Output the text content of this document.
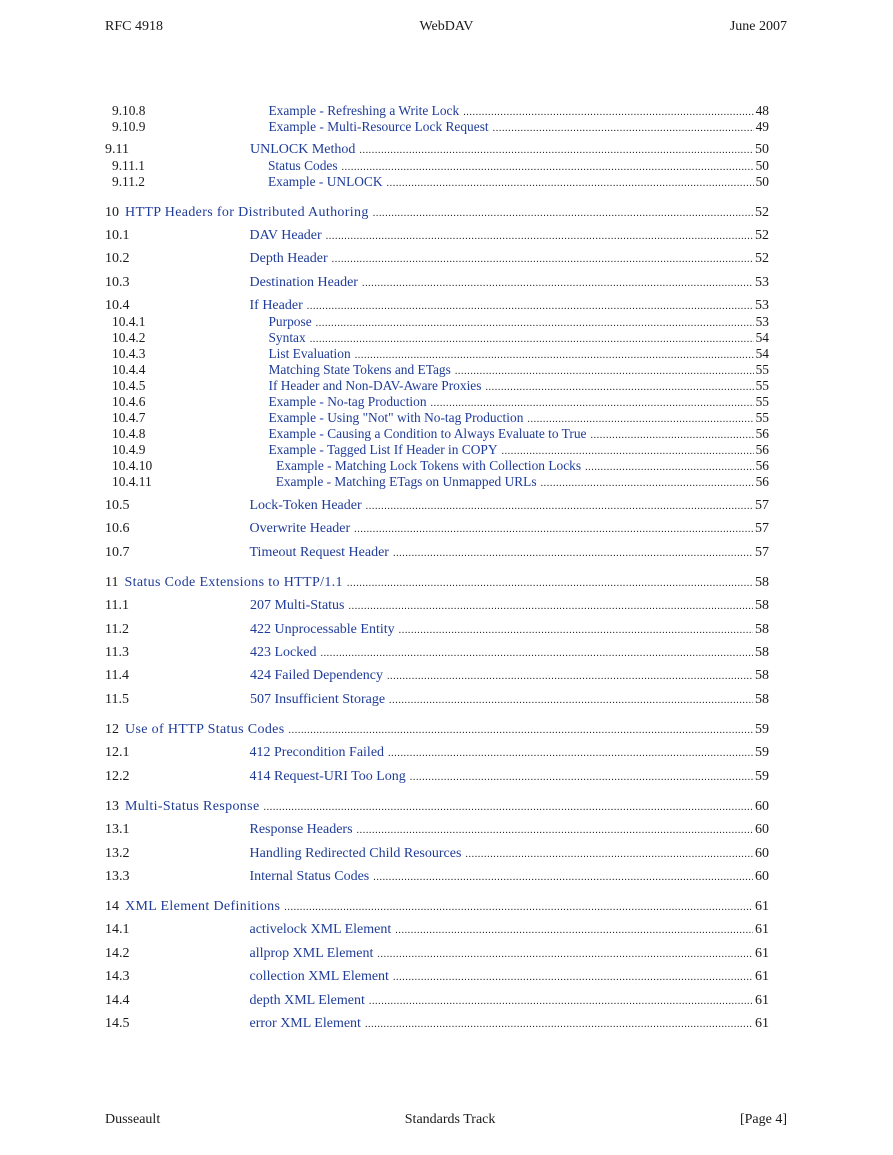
RFC 4918	WebDAV	June 2007
9.10.8	Example - Refreshing a Write Lock .....	48
9.10.9	Example - Multi-Resource Lock Request .....	49
9.11	UNLOCK Method .....	50
9.11.1	Status Codes .....	50
9.11.2	Example - UNLOCK .....	50
10 HTTP Headers for Distributed Authoring .....	52
10.1	DAV Header .....	52
10.2	Depth Header .....	52
10.3	Destination Header .....	53
10.4	If Header .....	53
10.4.1	Purpose .....	53
10.4.2	Syntax .....	54
10.4.3	List Evaluation .....	54
10.4.4	Matching State Tokens and ETags .....	55
10.4.5	If Header and Non-DAV-Aware Proxies .....	55
10.4.6	Example - No-tag Production .....	55
10.4.7	Example - Using "Not" with No-tag Production .....	55
10.4.8	Example - Causing a Condition to Always Evaluate to True .....	56
10.4.9	Example - Tagged List If Header in COPY .....	56
10.4.10	Example - Matching Lock Tokens with Collection Locks .....	56
10.4.11	Example - Matching ETags on Unmapped URLs .....	56
10.5	Lock-Token Header .....	57
10.6	Overwrite Header .....	57
10.7	Timeout Request Header .....	57
11 Status Code Extensions to HTTP/1.1 .....	58
11.1	207 Multi-Status .....	58
11.2	422 Unprocessable Entity .....	58
11.3	423 Locked .....	58
11.4	424 Failed Dependency .....	58
11.5	507 Insufficient Storage .....	58
12 Use of HTTP Status Codes .....	59
12.1	412 Precondition Failed .....	59
12.2	414 Request-URI Too Long .....	59
13 Multi-Status Response .....	60
13.1	Response Headers .....	60
13.2	Handling Redirected Child Resources .....	60
13.3	Internal Status Codes .....	60
14 XML Element Definitions .....	61
14.1	activelock XML Element .....	61
14.2	allprop XML Element .....	61
14.3	collection XML Element .....	61
14.4	depth XML Element .....	61
14.5	error XML Element .....	61
Dusseault	Standards Track	[Page 4]
